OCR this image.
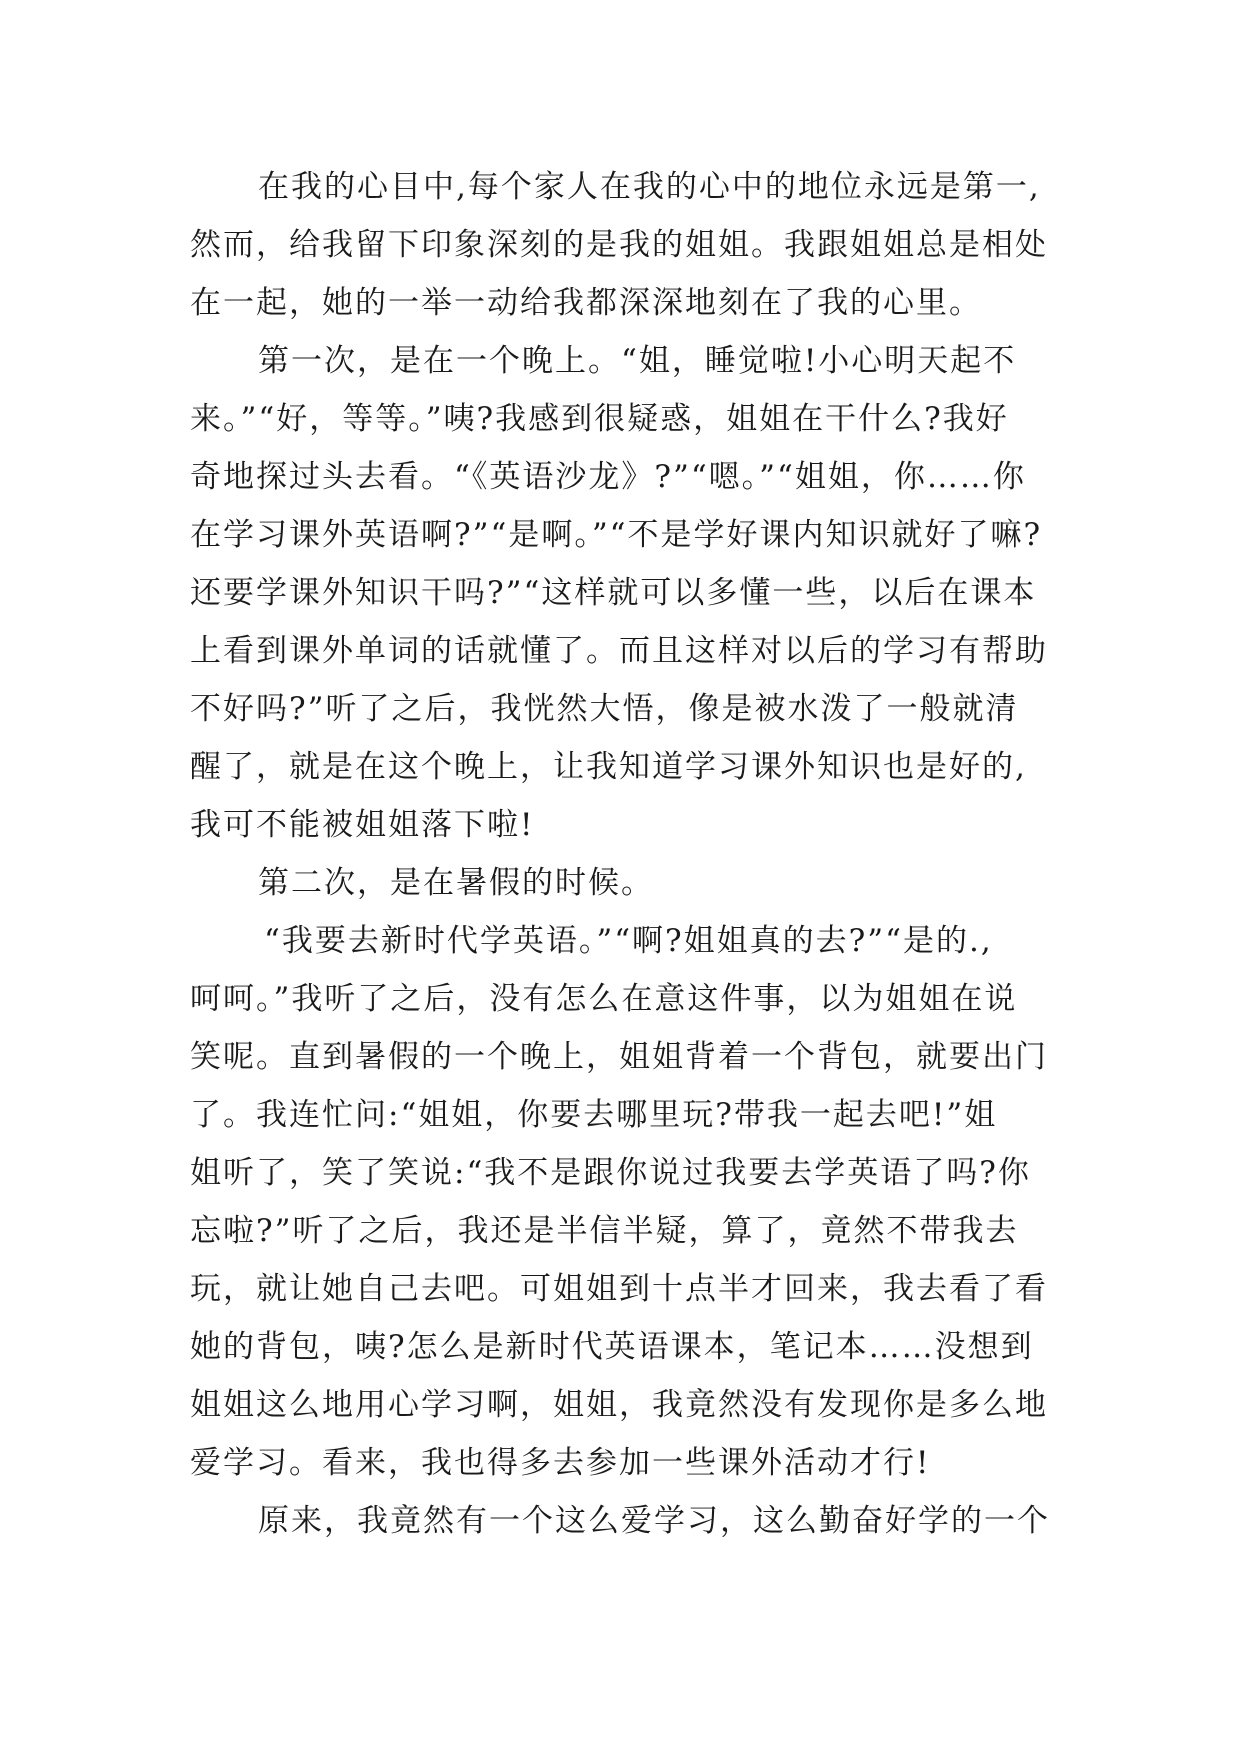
在我的心目中,每个家人在我的心中的地位永远是第一,
然而，给我留下印象深刻的是我的姐姐。我跟姐姐总是相处
在一起，她的一举一动给我都深深地刻在了我的心里。
第一次，是在一个晚上。“姐，睡觉啦!小心明天起不
来。”“好，等等。”咦?我感到很疑惑，姐姐在干什么?我好
奇地探过头去看。“《英语沙龙》?”“嗯。”“姐姐，你……你
在学习课外英语啊?”“是啊。”“不是学好课内知识就好了嘛?
还要学课外知识干吗?”“这样就可以多懂一些，以后在课本
上看到课外单词的话就懂了。而且这样对以后的学习有帮助
不好吗?”听了之后，我恍然大悟，像是被水泼了一般就清
醒了，就是在这个晚上，让我知道学习课外知识也是好的,
我可不能被姐姐落下啦!
第二次，是在暑假的时候。
“我要去新时代学英语。”“啊?姐姐真的去?”“是的.,
呵呵。”我听了之后，没有怎么在意这件事，以为姐姐在说
笑呢。直到暑假的一个晚上，姐姐背着一个背包，就要出门
了。我连忙问:“姐姐，你要去哪里玩?带我一起去吧!”姐
姐听了，笑了笑说:“我不是跟你说过我要去学英语了吗?你
忘啦?”听了之后，我还是半信半疑，算了，竟然不带我去
玩，就让她自己去吧。可姐姐到十点半才回来，我去看了看
她的背包，咦?怎么是新时代英语课本，笔记本……没想到
姐姐这么地用心学习啊，姐姐，我竟然没有发现你是多么地
爱学习。看来，我也得多去参加一些课外活动才行!
原来，我竟然有一个这么爱学习，这么勤奋好学的一个
